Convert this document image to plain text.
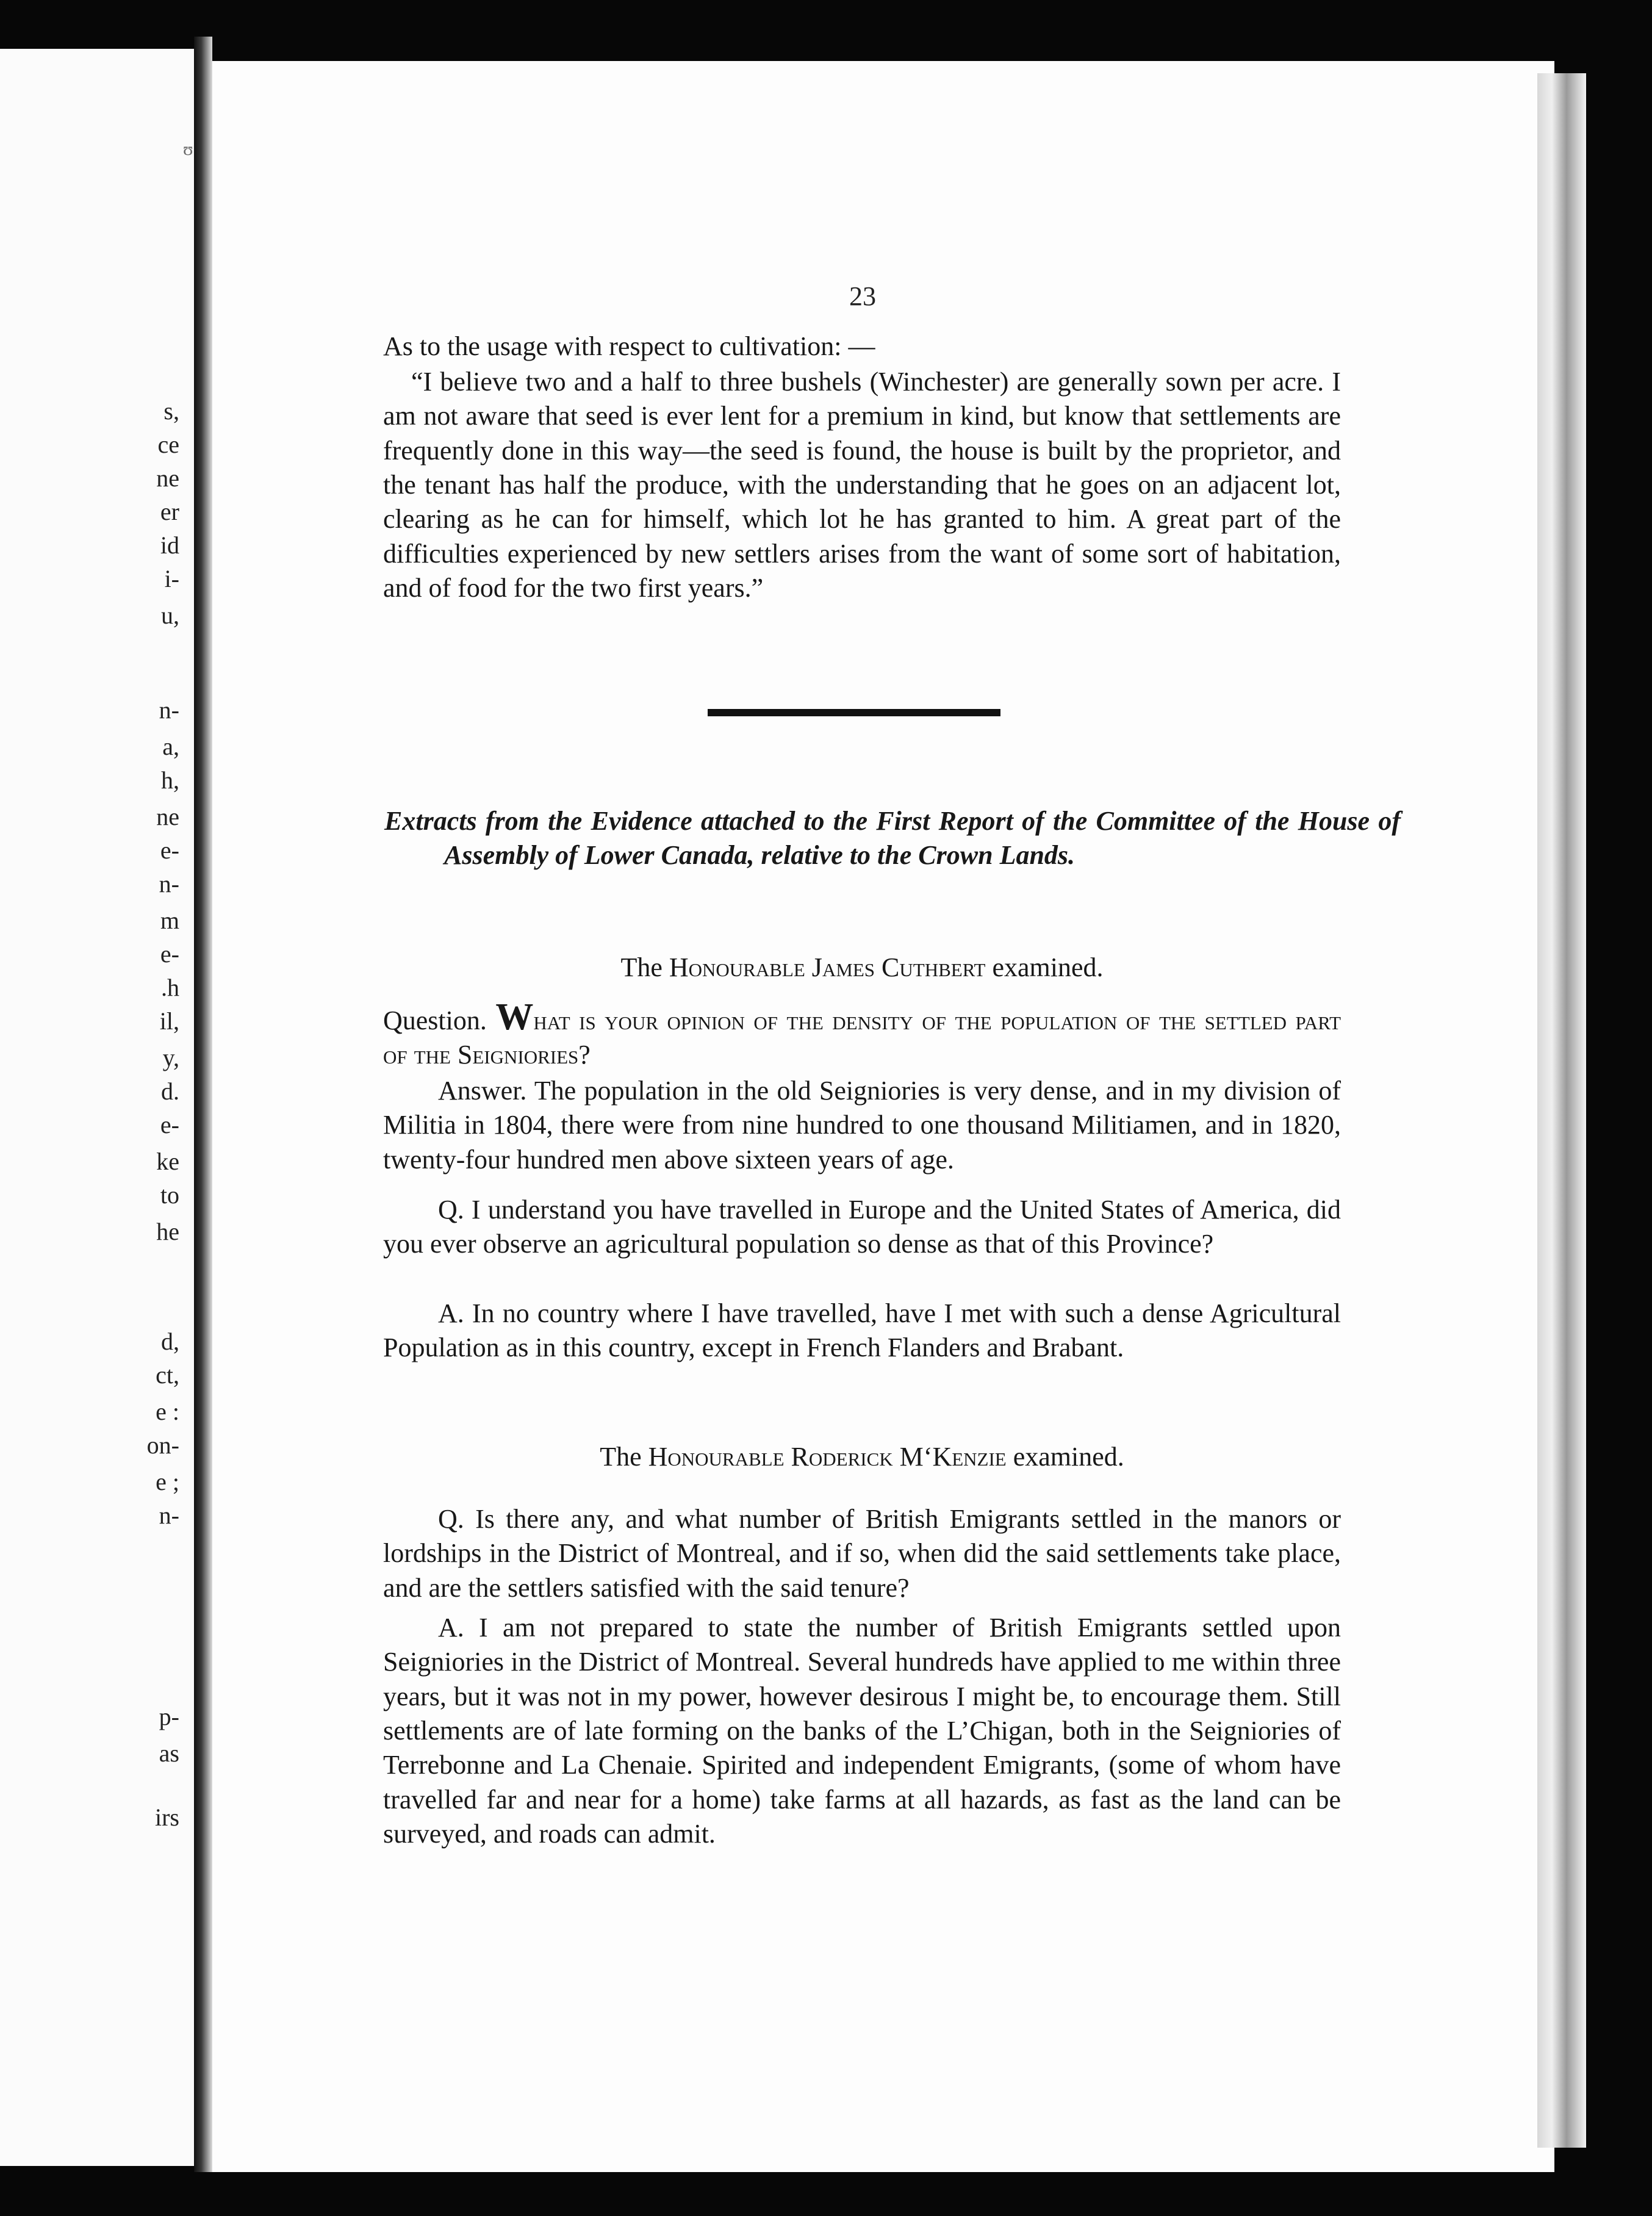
s,
ce
ne
er
id
i-
u,
n-
a,
h,
ne
e-
n-
m
e-
.h
il,
y,
d.
e-
ke
to
he
d,
ct,
e :
on-
e ;
n-
p-
as
irs
23
As to the usage with respect to cultivation: —
“I believe two and a half to three bushels (Winchester) are generally sown per acre. I am not aware that seed is ever lent for a premium in kind, but know that settlements are frequently done in this way—the seed is found, the house is built by the proprietor, and the tenant has half the produce, with the understanding that he goes on an adjacent lot, clearing as he can for himself, which lot he has granted to him. A great part of the difficulties experienced by new settlers arises from the want of some sort of habitation, and of food for the two first years.”
Extracts from the Evidence attached to the First Report of the Committee of the House of Assembly of Lower Canada, relative to the Crown Lands.
The Honourable James Cuthbert examined.
Question. What is your opinion of the density of the population of the settled part of the Seigniories?
Answer. The population in the old Seigniories is very dense, and in my division of Militia in 1804, there were from nine hundred to one thousand Militiamen, and in 1820, twenty-four hundred men above sixteen years of age.
Q. I understand you have travelled in Europe and the United States of America, did you ever observe an agricultural population so dense as that of this Province?
A. In no country where I have travelled, have I met with such a dense Agricultural Population as in this country, except in French Flanders and Brabant.
The Honourable Roderick M‘Kenzie examined.
Q. Is there any, and what number of British Emigrants settled in the manors or lordships in the District of Montreal, and if so, when did the said settlements take place, and are the settlers satisfied with the said tenure?
A. I am not prepared to state the number of British Emigrants settled upon Seigniories in the District of Montreal. Several hundreds have applied to me within three years, but it was not in my power, however desirous I might be, to encourage them. Still settlements are of late forming on the banks of the L’Chigan, both in the Seigniories of Terrebonne and La Chenaie. Spirited and independent Emigrants, (some of whom have travelled far and near for a home) take farms at all hazards, as fast as the land can be surveyed, and roads can admit.
ʊ
